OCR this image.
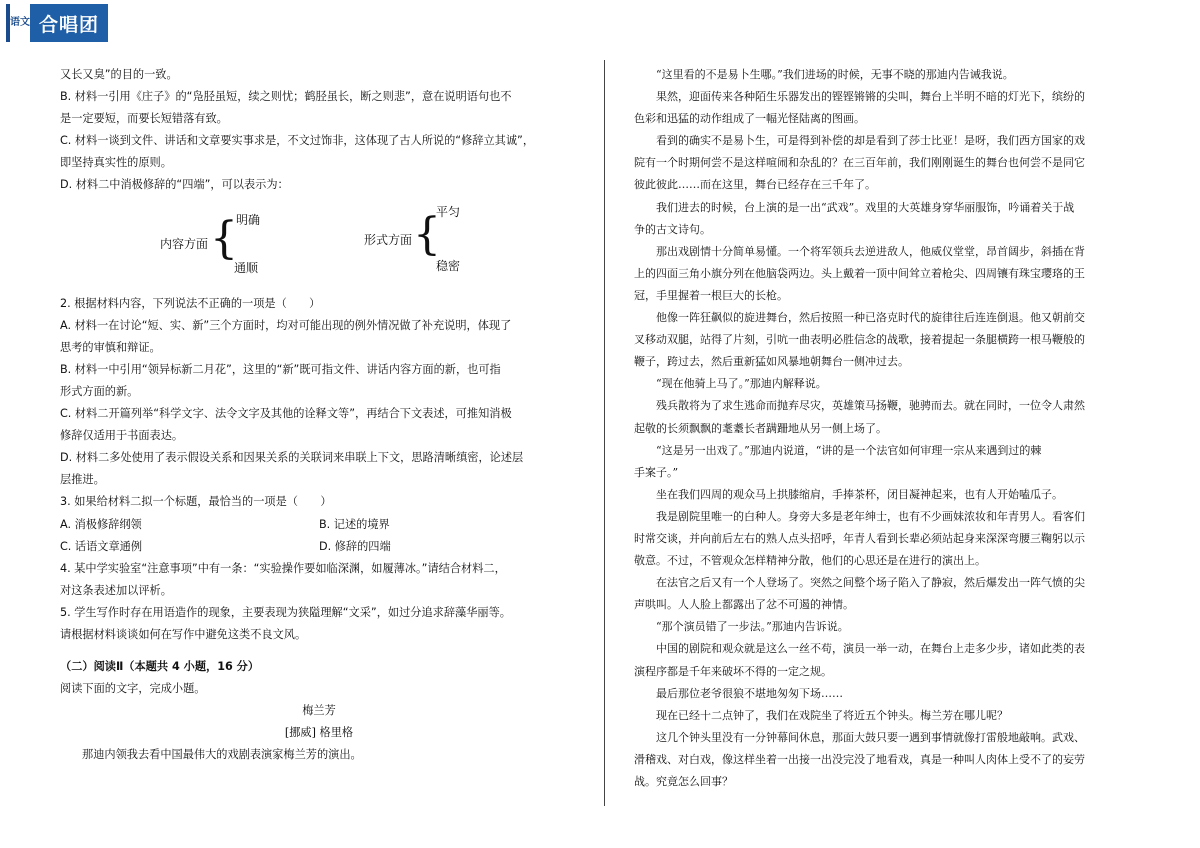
语文 合唱团

又长又臭”的目的一致。

B. 材料一引用《庄子》的“凫胫虽短，续之则忧；鹤胫虽长，断之则悲”，意在说明语句也不

是一定要短，而要长短错落有致。

C. 材料一谈到文件、讲话和文章要实事求是，不文过饰非，这体现了古人所说的“修辞立其诚”，

即坚持真实性的原则。

D. 材料二中消极修辞的“四端”，可以表示为：

内容方面 {
明确
通顺
形式方面 {
平匀
稳密

2. 根据材料内容，下列说法不正确的一项是（　　）

A. 材料一在讨论“短、实、新”三个方面时，均对可能出现的例外情况做了补充说明，体现了

思考的审慎和辩证。

B. 材料一中引用“领异标新二月花”，这里的“新”既可指文件、讲话内容方面的新，也可指

形式方面的新。

C. 材料二开篇列举“科学文字、法令文字及其他的诠释文等”，再结合下文表述，可推知消极

修辞仅适用于书面表达。

D. 材料二多处使用了表示假设关系和因果关系的关联词来串联上下文，思路清晰缜密，论述层

层推进。

3. 如果给材料二拟一个标题，最恰当的一项是（　　）

A. 消极修辞纲领	B. 记述的境界
C. 话语文章通例	D. 修辞的四端

4. 某中学实验室“注意事项”中有一条：“实验操作要如临深渊，如履薄冰。”请结合材料二，

对这条表述加以评析。

5. 学生写作时存在用语造作的现象，主要表现为狭隘理解“文采”，如过分追求辞藻华丽等。

请根据材料谈谈如何在写作中避免这类不良文风。

（二）阅读Ⅱ（本题共 4 小题，16 分）

阅读下面的文字，完成小题。

梅兰芳

[挪威] 格里格

那迪内领我去看中国最伟大的戏剧表演家梅兰芳的演出。

“这里看的不是易卜生哪。”我们进场的时候，无事不晓的那迪内告诫我说。

果然，迎面传来各种陌生乐器发出的铿铿锵锵的尖叫，舞台上半明不暗的灯光下，缤纷的

色彩和迅猛的动作组成了一幅光怪陆离的图画。

看到的确实不是易卜生，可是得到补偿的却是看到了莎士比亚！是呀，我们西方国家的戏

院有一个时期何尝不是这样喧闹和杂乱的？在三百年前，我们刚刚诞生的舞台也何尝不是同它

彼此彼此……而在这里，舞台已经存在三千年了。

我们进去的时候，台上演的是一出“武戏”。戏里的大英雄身穿华丽服饰，吟诵着关于战

争的古文诗句。

那出戏剧情十分简单易懂。一个将军领兵去逆进敌人，他威仪堂堂，昂首阔步，斜插在背

上的四面三角小旗分列在他脑袋两边。头上戴着一顶中间耸立着枪尖、四周镶有珠宝璎珞的王

冠，手里握着一根巨大的长枪。

他像一阵狂飙似的旋进舞台，然后按照一种已洛克时代的旋律往后连连倒退。他又朝前交

叉移动双腿，站得了片刻，引吭一曲表明必胜信念的战歌，接着提起一条腿横跨一根马鞭般的

鞭子，跨过去，然后重新猛如风暴地朝舞台一侧冲过去。

“现在他骑上马了。”那迪内解释说。

残兵散将为了求生逃命而抛弃尽灾，英雄策马扬鞭，驰骋而去。就在同时，一位令人肃然

起敬的长须飘飘的耄耋长者蹒跚地从另一侧上场了。

“这是另一出戏了。”那迪内说道，“讲的是一个法官如何审理一宗从来遇到过的棘

手案子。”

坐在我们四周的观众马上拱膝缩肩，手捧茶杯，闭目凝神起来，也有人开始嗑瓜子。

我是剧院里唯一的白种人。身旁大多是老年绅士，也有不少画妹浓妆和年青男人。看客们

时常交谈，并向前后左右的熟人点头招呼，年青人看到长辈必须站起身来深深弯腰三鞠躬以示

敬意。不过，不管观众怎样精神分散，他们的心思还是在进行的演出上。

在法官之后又有一个人登场了。突然之间整个场子陷入了静寂，然后爆发出一阵气愤的尖

声哄叫。人人脸上都露出了忿不可遏的神情。

“那个演员错了一步法。”那迪内告诉说。

中国的剧院和观众就是这么一丝不苟，演员一举一动，在舞台上走多少步，诸如此类的表

演程序都是千年来破坏不得的一定之规。

最后那位老爷很狼不堪地匆匆下场……

现在已经十二点钟了，我们在戏院坐了将近五个钟头。梅兰芳在哪儿呢？

这几个钟头里没有一分钟幕间休息，那面大鼓只要一遇到事情就像打雷般地敲响。武戏、

滑稽戏、对白戏，像这样坐着一出接一出没完没了地看戏，真是一种叫人肉体上受不了的妄劳

战。究竟怎么回事？
